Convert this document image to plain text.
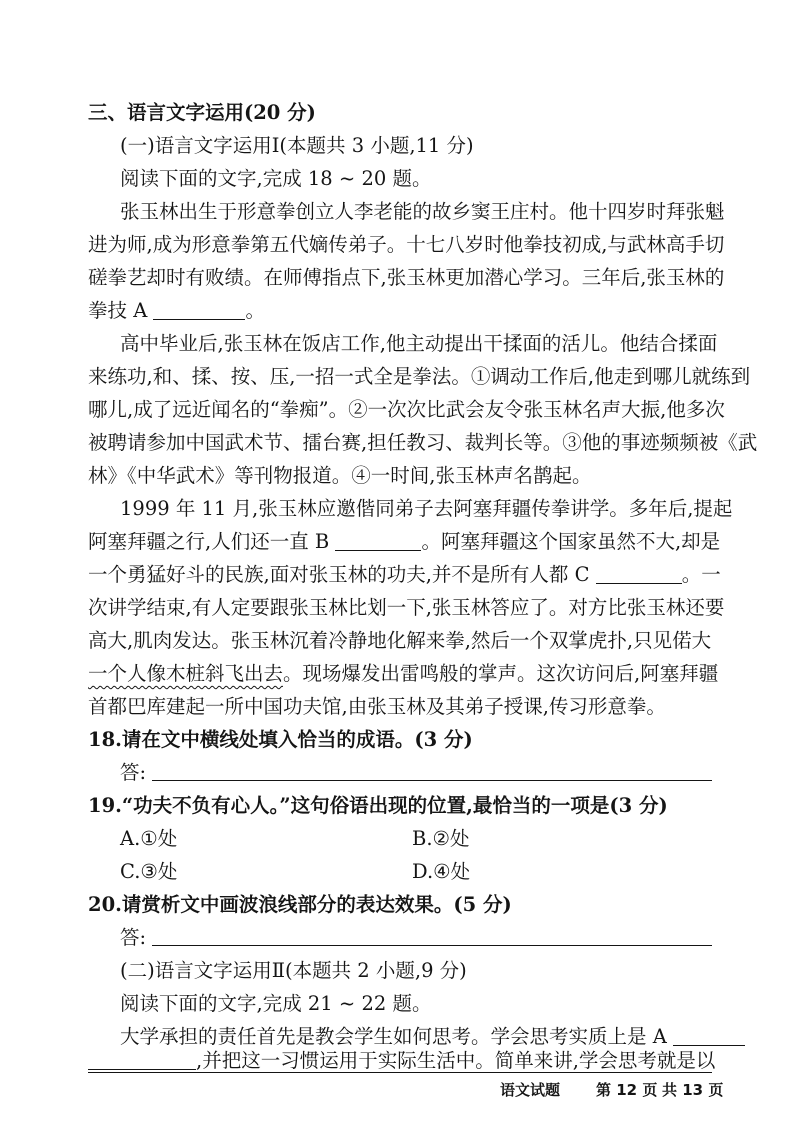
三、语言文字运用(20 分)
(一)语言文字运用Ⅰ(本题共 3 小题,11 分)
阅读下面的文字,完成 18 ~ 20 题。
张玉林出生于形意拳创立人李老能的故乡窦王庄村。他十四岁时拜张魁
进为师,成为形意拳第五代嫡传弟子。十七八岁时他拳技初成,与武林高手切
磋拳艺却时有败绩。在师傅指点下,张玉林更加潜心学习。三年后,张玉林的
拳技 A	。
高中毕业后,张玉林在饭店工作,他主动提出干揉面的活儿。他结合揉面
来练功,和、揉、按、压,一招一式全是拳法。①调动工作后,他走到哪儿就练到
哪儿,成了远近闻名的“拳痴”。②一次次比武会友令张玉林名声大振,他多次
被聘请参加中国武术节、擂台赛,担任教习、裁判长等。③他的事迹频频被《武
林》《中华武术》等刊物报道。④一时间,张玉林声名鹊起。
1999 年 11 月,张玉林应邀偕同弟子去阿塞拜疆传拳讲学。多年后,提起
阿塞拜疆之行,人们还一直 B	。阿塞拜疆这个国家虽然不大,却是
一个勇猛好斗的民族,面对张玉林的功夫,并不是所有人都 C	。一
次讲学结束,有人定要跟张玉林比划一下,张玉林答应了。对方比张玉林还要
高大,肌肉发达。张玉林沉着冷静地化解来拳,然后一个双掌虎扑,只见偌大
一个人像木桩斜飞出去。现场爆发出雷鸣般的掌声。这次访问后,阿塞拜疆
首都巴库建起一所中国功夫馆,由张玉林及其弟子授课,传习形意拳。
18.请在文中横线处填入恰当的成语。(3 分)
答:
19.“功夫不负有心人。”这句俗语出现的位置,最恰当的一项是(3 分)
A.①处	B.②处
C.③处	D.④处
20.请赏析文中画波浪线部分的表达效果。(5 分)
答:
(二)语言文字运用Ⅱ(本题共 2 小题,9 分)
阅读下面的文字,完成 21 ~ 22 题。
大学承担的责任首先是教会学生如何思考。学会思考实质上是 A
,并把这一习惯运用于实际生活中。简单来讲,学会思考就是以
语文试题 第 12 页 共 13 页
